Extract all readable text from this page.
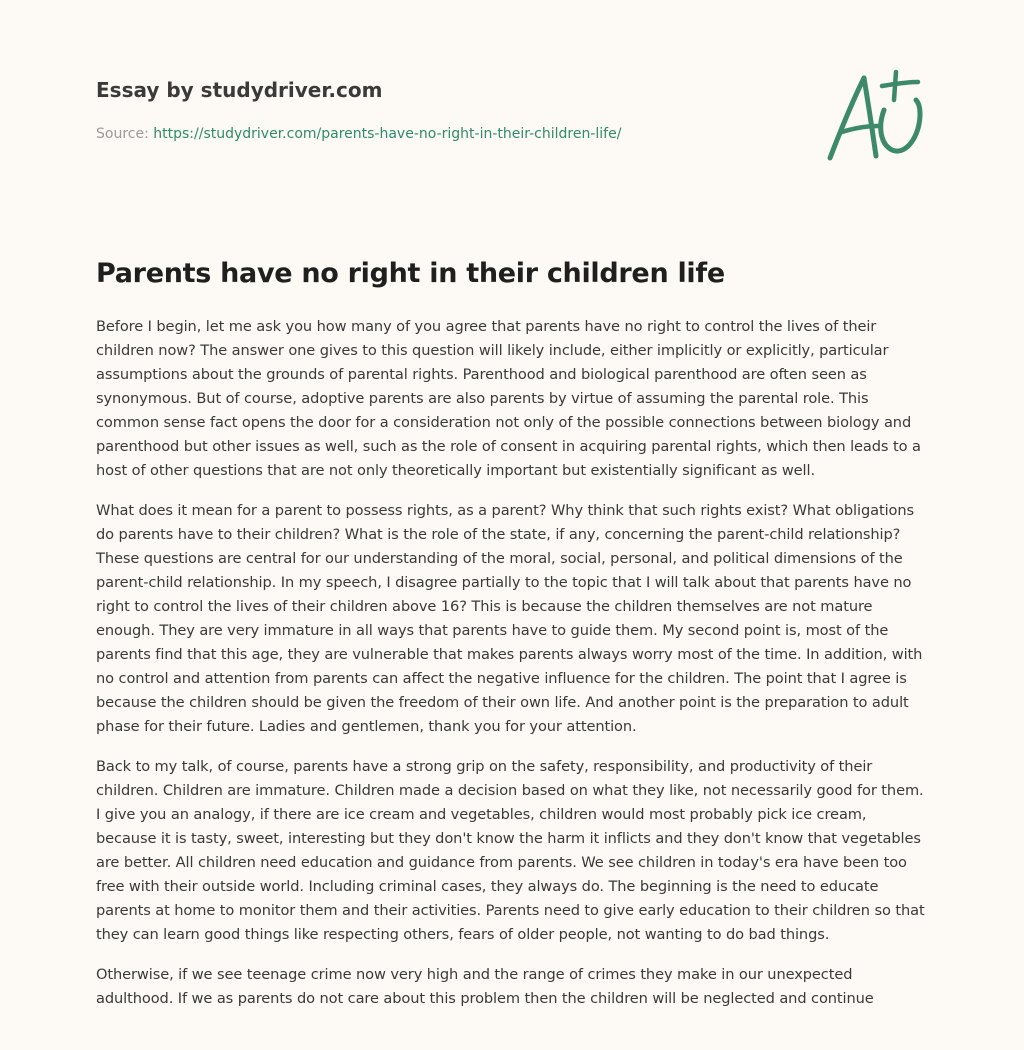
Essay by studydriver.com
Source: https://studydriver.com/parents-have-no-right-in-their-children-life/
Parents have no right in their children life

Before I begin, let me ask you how many of you agree that parents have no right to control the lives of their children now? The answer one gives to this question will likely include, either implicitly or explicitly, particular assumptions about the grounds of parental rights. Parenthood and biological parenthood are often seen as synonymous. But of course, adoptive parents are also parents by virtue of assuming the parental role. This common sense fact opens the door for a consideration not only of the possible connections between biology and parenthood but other issues as well, such as the role of consent in acquiring parental rights, which then leads to a host of other questions that are not only theoretically important but existentially significant as well.

What does it mean for a parent to possess rights, as a parent? Why think that such rights exist? What obligations do parents have to their children? What is the role of the state, if any, concerning the parent-child relationship? These questions are central for our understanding of the moral, social, personal, and political dimensions of the parent-child relationship. In my speech, I disagree partially to the topic that I will talk about that parents have no right to control the lives of their children above 16? This is because the children themselves are not mature enough. They are very immature in all ways that parents have to guide them. My second point is, most of the parents find that this age, they are vulnerable that makes parents always worry most of the time. In addition, with no control and attention from parents can affect the negative influence for the children. The point that I agree is because the children should be given the freedom of their own life. And another point is the preparation to adult phase for their future. Ladies and gentlemen, thank you for your attention.

Back to my talk, of course, parents have a strong grip on the safety, responsibility, and productivity of their children. Children are immature. Children made a decision based on what they like, not necessarily good for them. I give you an analogy, if there are ice cream and vegetables, children would most probably pick ice cream, because it is tasty, sweet, interesting but they don't know the harm it inflicts and they don't know that vegetables are better. All children need education and guidance from parents. We see children in today's era have been too free with their outside world. Including criminal cases, they always do. The beginning is the need to educate parents at home to monitor them and their activities. Parents need to give early education to their children so that they can learn good things like respecting others, fears of older people, not wanting to do bad things.

Otherwise, if we see teenage crime now very high and the range of crimes they make in our unexpected adulthood. If we as parents do not care about this problem then the children will be neglected and continue
